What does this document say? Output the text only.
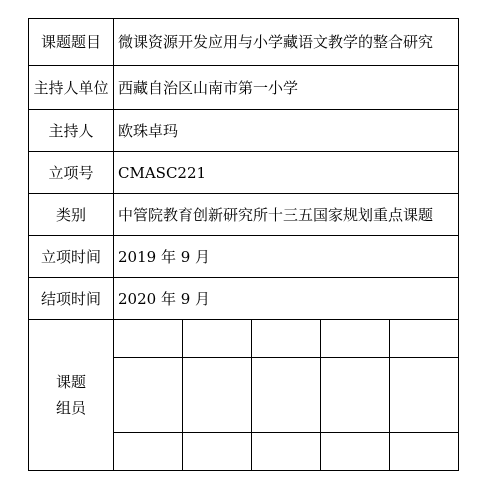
课题题目	微课资源开发应用与小学藏语文教学的整合研究
主持人单位	西藏自治区山南市第一小学
主持人	欧珠卓玛
立项号	CMASC221
类别	中管院教育创新研究所十三五国家规划重点课题
立项时间	2019 年 9 月
结项时间	2020 年 9 月

课题
组员
